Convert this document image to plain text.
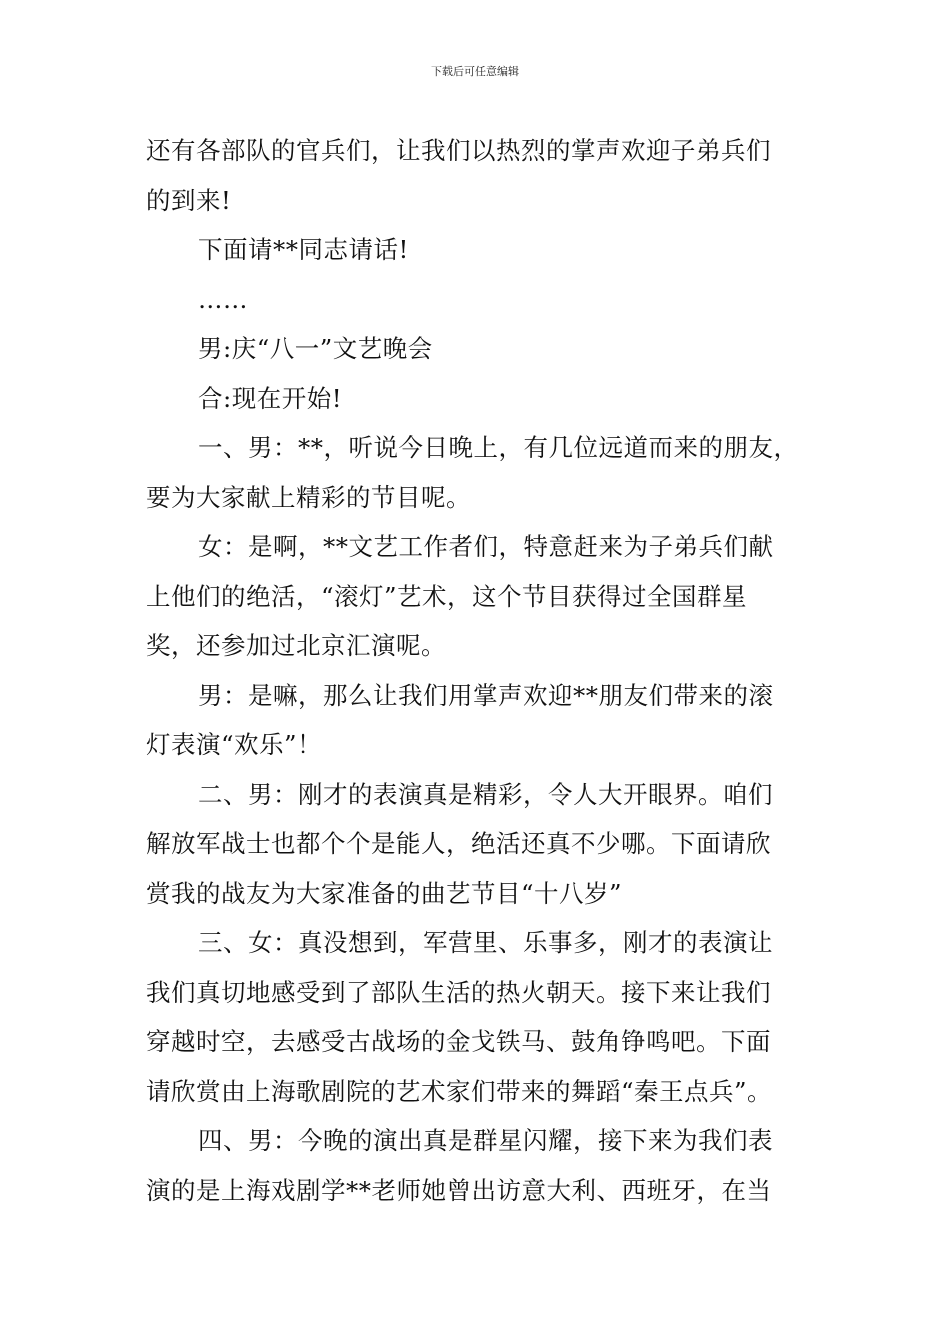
下载后可任意编辑
还有各部队的官兵们，让我们以热烈的掌声欢迎子弟兵们
的到来!
下面请**同志请话!
……
男:庆“八一”文艺晚会
合:现在开始!
一、男：**，听说今日晚上，有几位远道而来的朋友，
要为大家献上精彩的节目呢。
女：是啊，**文艺工作者们，特意赶来为子弟兵们献
上他们的绝活，“滚灯”艺术，这个节目获得过全国群星
奖，还参加过北京汇演呢。
男：是嘛，那么让我们用掌声欢迎**朋友们带来的滚
灯表演“欢乐”！
二、男：刚才的表演真是精彩，令人大开眼界。咱们
解放军战士也都个个是能人，绝活还真不少哪。下面请欣
赏我的战友为大家准备的曲艺节目“十八岁”
三、女：真没想到，军营里、乐事多，刚才的表演让
我们真切地感受到了部队生活的热火朝天。接下来让我们
穿越时空，去感受古战场的金戈铁马、鼓角铮鸣吧。下面
请欣赏由上海歌剧院的艺术家们带来的舞蹈“秦王点兵”。
四、男：今晚的演出真是群星闪耀，接下来为我们表
演的是上海戏剧学**老师她曾出访意大利、西班牙，在当
